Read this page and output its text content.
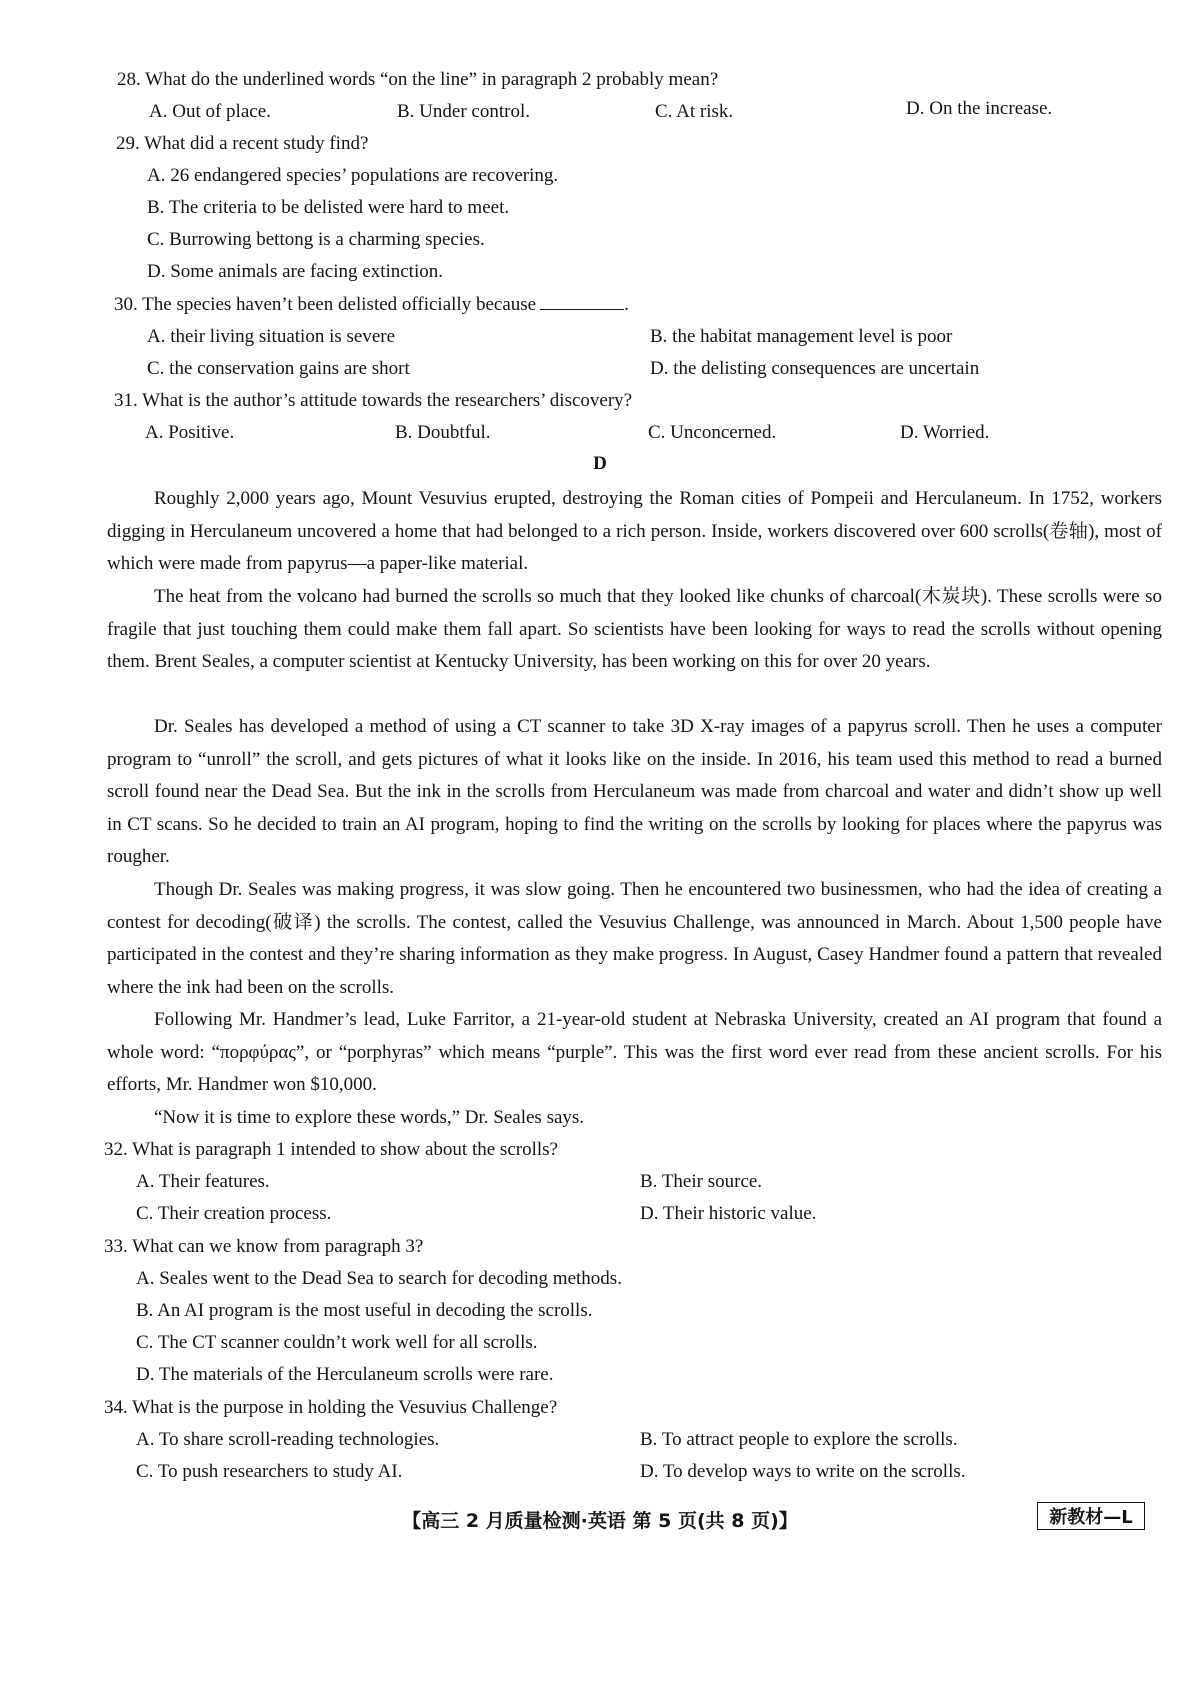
28. What do the underlined words “on the line” in paragraph 2 probably mean?
A. Out of place.	B. Under control.	C. At risk.	D. On the increase.
29. What did a recent study find?
A. 26 endangered species’ populations are recovering.
B. The criteria to be delisted were hard to meet.
C. Burrowing bettong is a charming species.
D. Some animals are facing extinction.
30. The species haven’t been delisted officially because	.
A. their living situation is severe	B. the habitat management level is poor
C. the conservation gains are short	D. the delisting consequences are uncertain
31. What is the author’s attitude towards the researchers’ discovery?
A. Positive.	B. Doubtful.	C. Unconcerned.	D. Worried.
D

Roughly 2,000 years ago, Mount Vesuvius erupted, destroying the Roman cities of Pompeii and Herculaneum. In 1752, workers digging in Herculaneum uncovered a home that had belonged to a rich person. Inside, workers discovered over 600 scrolls(卷轴), most of which were made from papyrus—a paper-like material.

The heat from the volcano had burned the scrolls so much that they looked like chunks of charcoal(木炭块). These scrolls were so fragile that just touching them could make them fall apart. So scientists have been looking for ways to read the scrolls without opening them. Brent Seales, a computer scientist at Kentucky University, has been working on this for over 20 years.

Dr. Seales has developed a method of using a CT scanner to take 3D X-ray images of a papyrus scroll. Then he uses a computer program to “unroll” the scroll, and gets pictures of what it looks like on the inside. In 2016, his team used this method to read a burned scroll found near the Dead Sea. But the ink in the scrolls from Herculaneum was made from charcoal and water and didn’t show up well in CT scans. So he decided to train an AI program, hoping to find the writing on the scrolls by looking for places where the papyrus was rougher.

Though Dr. Seales was making progress, it was slow going. Then he encountered two businessmen, who had the idea of creating a contest for decoding(破译) the scrolls. The contest, called the Vesuvius Challenge, was announced in March. About 1,500 people have participated in the contest and they’re sharing information as they make progress. In August, Casey Handmer found a pattern that revealed where the ink had been on the scrolls.

Following Mr. Handmer’s lead, Luke Farritor, a 21-year-old student at Nebraska University, created an AI program that found a whole word: “πορφύρας”, or “porphyras” which means “purple”. This was the first word ever read from these ancient scrolls. For his efforts, Mr. Handmer won $10,000.

“Now it is time to explore these words,” Dr. Seales says.

32. What is paragraph 1 intended to show about the scrolls?
A. Their features.	B. Their source.
C. Their creation process.	D. Their historic value.
33. What can we know from paragraph 3?
A. Seales went to the Dead Sea to search for decoding methods.
B. An AI program is the most useful in decoding the scrolls.
C. The CT scanner couldn’t work well for all scrolls.
D. The materials of the Herculaneum scrolls were rare.
34. What is the purpose in holding the Vesuvius Challenge?
A. To share scroll-reading technologies.	B. To attract people to explore the scrolls.
C. To push researchers to study AI.	D. To develop ways to write on the scrolls.
【高三 2 月质量检测·英语 第 5 页(共 8 页)】	新教材—L
